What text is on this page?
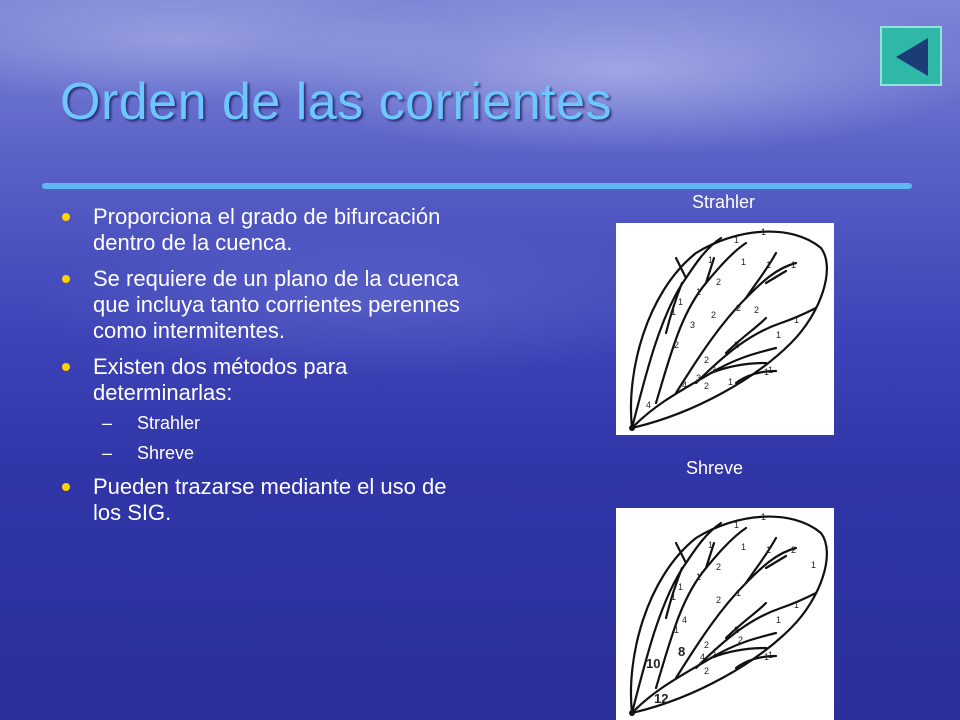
Orden de las corrientes
Proporciona el grado de bifurcación dentro de la cuenca.
Se requiere de un plano de la cuenca que incluya tanto corrientes perennes como intermitentes.
Existen dos métodos para determinarlas:
– Strahler
– Shreve
Pueden trazarse mediante el uso de los SIG.
Strahler
1
1
1	1
2
1
1 1
2
2
1
1
2
1
3
1
2	2
2
1
3
3	1
4 2
1
4
Shreve
1
1
1	1
2
1
1 2
1
1
1
2	1
1
2
1
4
2
1
2
2	1
8 4	1
10	2
12
